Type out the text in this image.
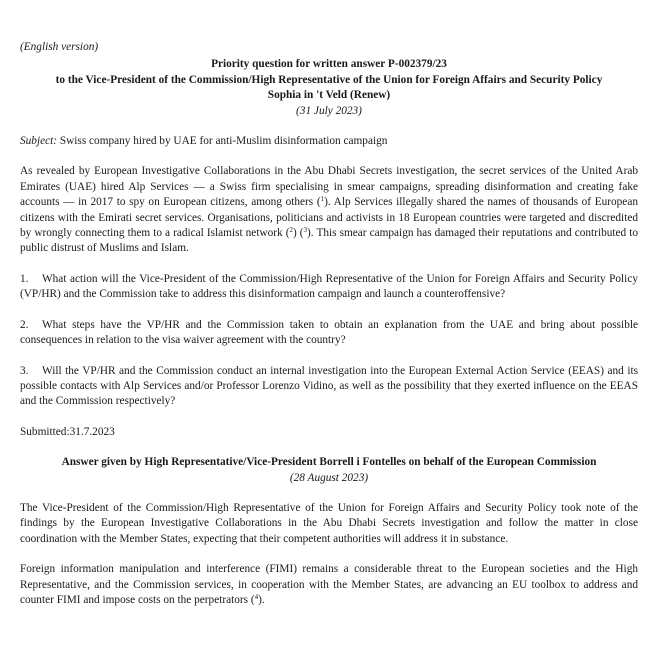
(English version)
Priority question for written answer P-002379/23
to the Vice-President of the Commission/High Representative of the Union for Foreign Affairs and Security Policy
Sophia in 't Veld (Renew)
(31 July 2023)
Subject: Swiss company hired by UAE for anti-Muslim disinformation campaign

As revealed by European Investigative Collaborations in the Abu Dhabi Secrets investigation, the secret services of the United Arab Emirates (UAE) hired Alp Services — a Swiss firm specialising in smear campaigns, spreading disinformation and creating fake accounts — in 2017 to spy on European citizens, among others ($^1$). Alp Services illegally shared the names of thousands of European citizens with the Emirati secret services. Organisations, politicians and activists in 18 European countries were targeted and discredited by wrongly connecting them to a radical Islamist network ($^2$) ($^3$). This smear campaign has damaged their reputations and contributed to public distrust of Muslims and Islam.

1. What action will the Vice-President of the Commission/High Representative of the Union for Foreign Affairs and Security Policy (VP/HR) and the Commission take to address this disinformation campaign and launch a counteroffensive?

2. What steps have the VP/HR and the Commission taken to obtain an explanation from the UAE and bring about possible consequences in relation to the visa waiver agreement with the country?

3. Will the VP/HR and the Commission conduct an internal investigation into the European External Action Service (EEAS) and its possible contacts with Alp Services and/or Professor Lorenzo Vidino, as well as the possibility that they exerted influence on the EEAS and the Commission respectively?

Submitted:31.7.2023
Answer given by High Representative/Vice-President Borrell i Fontelles on behalf of the European Commission
(28 August 2023)

The Vice-President of the Commission/High Representative of the Union for Foreign Affairs and Security Policy took note of the findings by the European Investigative Collaborations in the Abu Dhabi Secrets investigation and follow the matter in close coordination with the Member States, expecting that their competent authorities will address it in substance.

Foreign information manipulation and interference (FIMI) remains a considerable threat to the European societies and the High Representative, and the Commission services, in cooperation with the Member States, are advancing an EU toolbox to address and counter FIMI and impose costs on the perpetrators ($^4$).
